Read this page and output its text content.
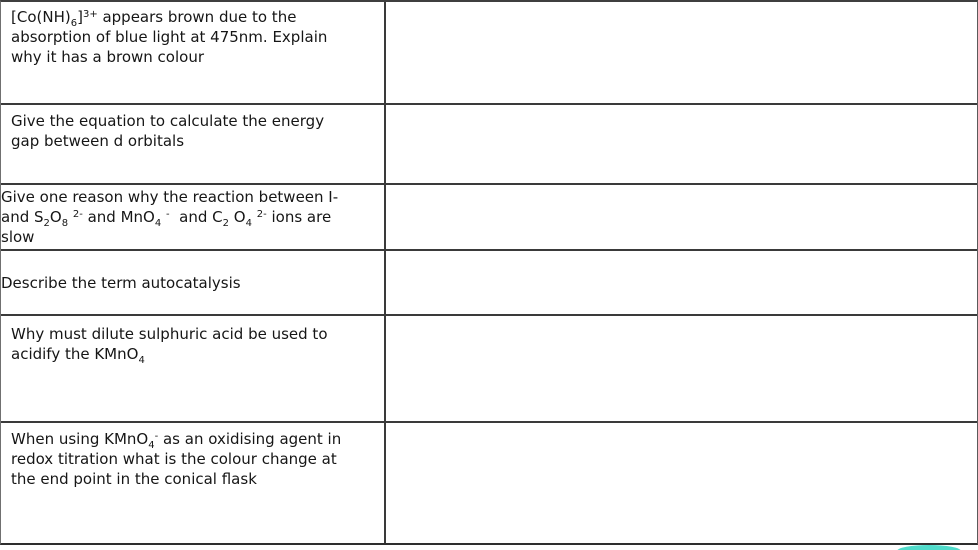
$[Co(NH)_6]^{3+}$ appears brown due to the
absorption of blue light at 475nm. Explain
why it has a brown colour
Give the equation to calculate the energy
gap between d orbitals
Give one reason why the reaction between I-
and $S_2O_8$ $^{2-}$ and MnO$_4$ -  and $C_2$ $O_4$ $^{2-}$ ions are
slow
Describe the term autocatalysis
Why must dilute sulphuric acid be used to
acidify the KMnO$_4$
When using KMnO$_4$- as an oxidising agent in
redox titration what is the colour change at
the end point in the conical flask
